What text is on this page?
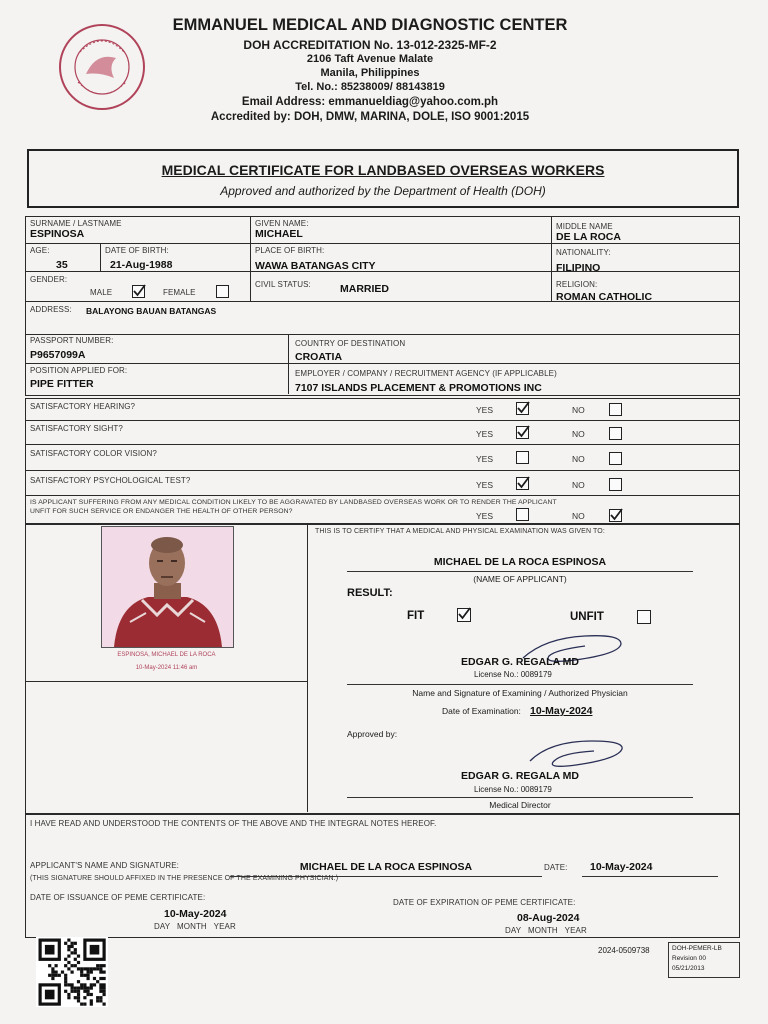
EMMANUEL MEDICAL AND DIAGNOSTIC CENTER
DOH ACCREDITATION No. 13-012-2325-MF-2
2106 Taft Avenue Malate
Manila, Philippines
Tel. No.: 85238009/ 88143819
Email Address: emmanueldiag@yahoo.com.ph
Accredited by: DOH, DMW, MARINA, DOLE, ISO 9001:2015
MEDICAL CERTIFICATE FOR LANDBASED OVERSEAS WORKERS
Approved and authorized by the Department of Health (DOH)
SURNAME / LASTNAME
ESPINOSA
GIVEN NAME:
MICHAEL
MIDDLE NAME
DE LA ROCA
AGE:
35
DATE OF BIRTH:
21-Aug-1988
PLACE OF BIRTH:
WAWA BATANGAS CITY
NATIONALITY:
FILIPINO
GENDER:
MALE	FEMALE
CIVIL STATUS:	MARRIED	RELIGION:
ROMAN CATHOLIC
ADDRESS: BALAYONG BAUAN BATANGAS
PASSPORT NUMBER:
P9657099A
COUNTRY OF DESTINATION
CROATIA
POSITION APPLIED FOR:
PIPE FITTER
EMPLOYER / COMPANY / RECRUITMENT AGENCY (IF APPLICABLE)
7107 ISLANDS PLACEMENT & PROMOTIONS INC
SATISFACTORY HEARING?	YES	NO
SATISFACTORY SIGHT?
YES	NO
SATISFACTORY COLOR VISION?
YES	NO
SATISFACTORY PSYCHOLOGICAL TEST?	YES	NO
IS APPLICANT SUFFERING FROM ANY MEDICAL CONDITION LIKELY TO BE AGGRAVATED BY LANDBASED OVERSEAS WORK OR TO RENDER THE APPLICANT
UNFIT FOR SUCH SERVICE OR ENDANGER THE HEALTH OF OTHER PERSON?	YES	NO
ESPINOSA, MICHAEL DE LA ROCA
10-May-2024 11:46 am
THIS IS TO CERTIFY THAT A MEDICAL AND PHYSICAL EXAMINATION WAS GIVEN TO:
MICHAEL DE LA ROCA ESPINOSA
(NAME OF APPLICANT)
RESULT:
FIT	UNFIT
EDGAR G. REGALA MD
License No.: 0089179
Name and Signature of Examining / Authorized Physician
Date of Examination: 10-May-2024
Approved by:
EDGAR G. REGALA MD
License No.: 0089179
Medical Director
I HAVE READ AND UNDERSTOOD THE CONTENTS OF THE ABOVE AND THE INTEGRAL NOTES HEREOF.
APPLICANT'S NAME AND SIGNATURE:	MICHAEL DE LA ROCA ESPINOSA	DATE: 10-May-2024
(THIS SIGNATURE SHOULD AFFIXED IN THE PRESENCE OF THE EXAMINING PHYSICIAN.)
DATE OF ISSUANCE OF PEME CERTIFICATE:
10-May-2024
DAY   MONTH   YEAR
DATE OF EXPIRATION OF PEME CERTIFICATE:
08-Aug-2024
DAY   MONTH   YEAR
2024-0509738	DOH-PEMER-LB
Revision 00
05/21/2013
